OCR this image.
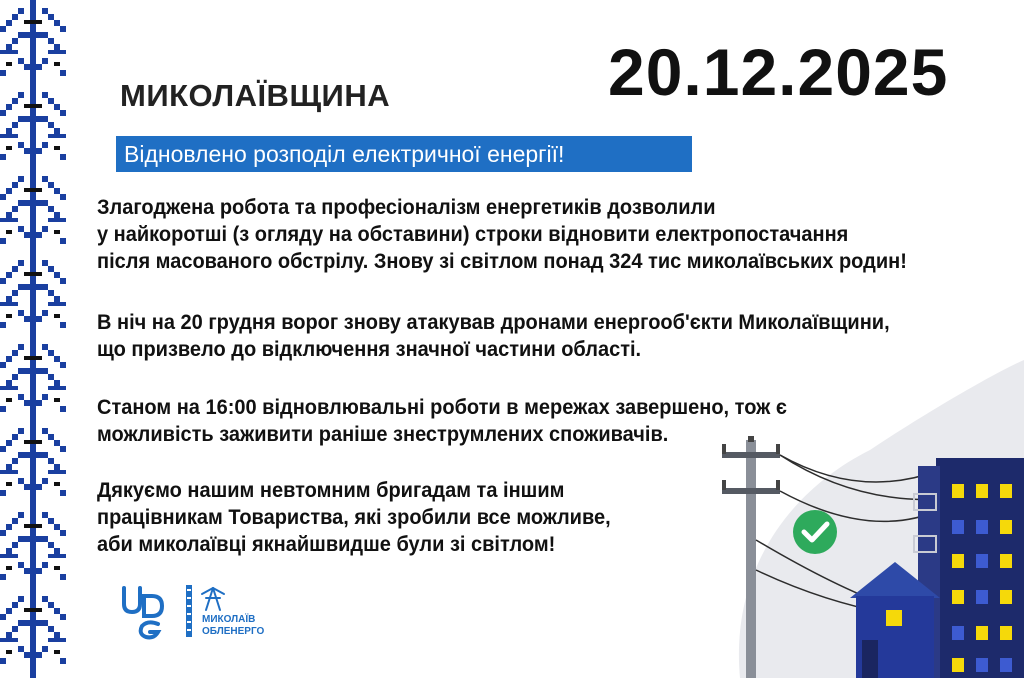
МИКОЛАЇВЩИНА	20.12.2025
Відновлено розподіл електричної енергії!
Злагоджена робота та професіоналізм енергетиків дозволили
у найкоротші (з огляду на обставини) строки відновити електропостачання
після масованого обстрілу. Знову зі світлом понад 324 тис миколаївських родин!
В ніч на 20 грудня ворог знову атакував дронами енергооб'єкти Миколаївщини,
що призвело до відключення значної частини області.
Станом на 16:00 відновлювальні роботи в мережах завершено, тож є
можливість заживити раніше знеструмлених споживачів.
Дякуємо нашим невтомним бригадам та іншим
працівникам Товариства, які зробили все можливе,
аби миколаївці якнайшвидше були зі світлом!
UDG
МИКОЛАЇВ
ОБЛЕНЕРГО
